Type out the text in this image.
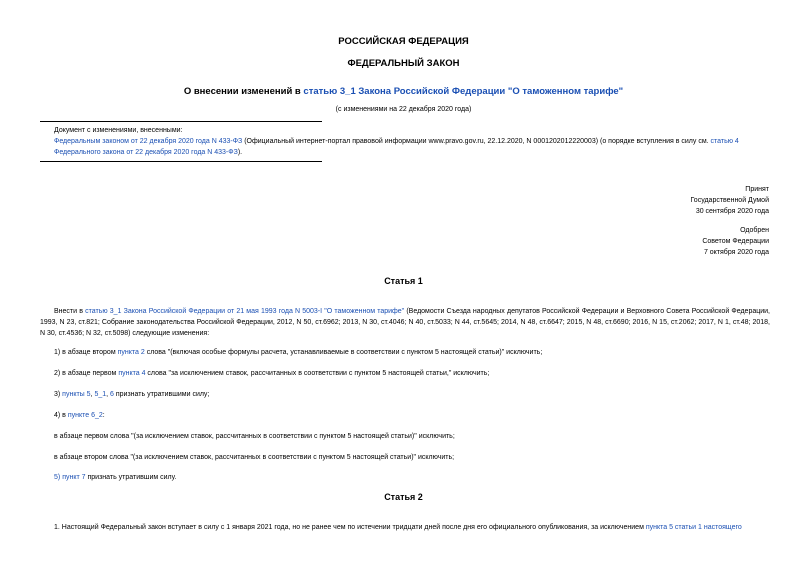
РОССИЙСКАЯ ФЕДЕРАЦИЯ
ФЕДЕРАЛЬНЫЙ ЗАКОН
О внесении изменений в статью 3_1 Закона Российской Федерации "О таможенном тарифе"
(с изменениями на 22 декабря 2020 года)
Документ с изменениями, внесенными:
Федеральным законом от 22 декабря 2020 года N 433-ФЗ (Официальный интернет-портал правовой информации www.pravo.gov.ru, 22.12.2020, N 0001202012220003) (о порядке вступления в силу см. статью 4 Федерального закона от 22 декабря 2020 года N 433-ФЗ).
Принят
Государственной Думой
30 сентября 2020 года
Одобрен
Советом Федерации
7 октября 2020 года
Статья 1
Внести в статью 3_1 Закона Российской Федерации от 21 мая 1993 года N 5003-I "О таможенном тарифе" (Ведомости Съезда народных депутатов Российской Федерации и Верховного Совета Российской Федерации, 1993, N 23, ст.821; Собрание законодательства Российской Федерации, 2012, N 50, ст.6962; 2013, N 30, ст.4046; N 40, ст.5033; N 44, ст.5645; 2014, N 48, ст.6647; 2015, N 48, ст.6690; 2016, N 15, ст.2062; 2017, N 1, ст.48; 2018, N 30, ст.4536; N 32, ст.5098) следующие изменения:
1) в абзаце втором пункта 2 слова "(включая особые формулы расчета, устанавливаемые в соответствии с пунктом 5 настоящей статьи)" исключить;
2) в абзаце первом пункта 4 слова "за исключением ставок, рассчитанных в соответствии с пунктом 5 настоящей статьи," исключить;
3) пункты 5, 5_1, 6 признать утратившими силу;
4) в пункте 6_2:
в абзаце первом слова "(за исключением ставок, рассчитанных в соответствии с пунктом 5 настоящей статьи)" исключить;
в абзаце втором слова "(за исключением ставок, рассчитанных в соответствии с пунктом 5 настоящей статьи)" исключить;
5) пункт 7 признать утратившим силу.
Статья 2
1. Настоящий Федеральный закон вступает в силу с 1 января 2021 года, но не ранее чем по истечении тридцати дней после дня его официального опубликования, за исключением пункта 5 статьи 1 настоящего
